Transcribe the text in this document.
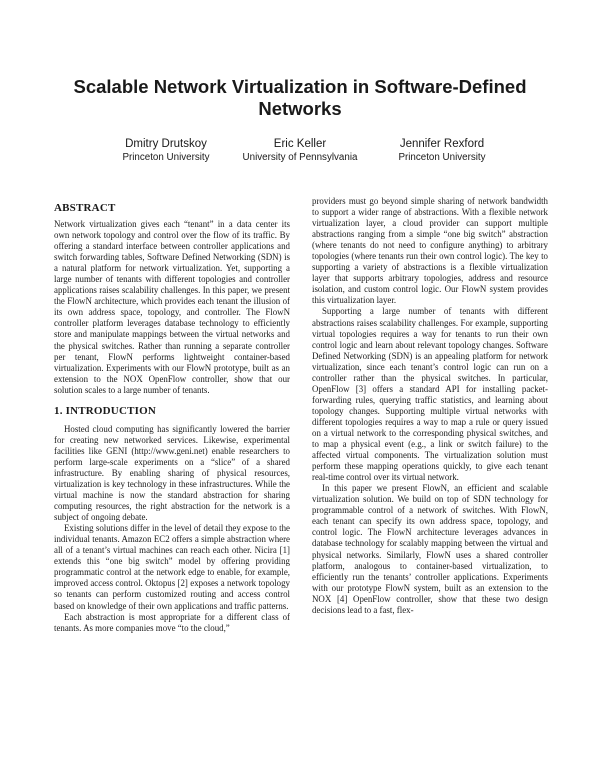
Scalable Network Virtualization in Software-Defined Networks
Dmitry Drutskoy
Princeton University
Eric Keller
University of Pennsylvania
Jennifer Rexford
Princeton University
ABSTRACT

Network virtualization gives each “tenant” in a data center its own network topology and control over the flow of its traffic. By offering a standard interface between controller applications and switch forwarding tables, Software Defined Networking (SDN) is a natural platform for network virtualization. Yet, supporting a large number of tenants with different topologies and controller applications raises scalability challenges. In this paper, we present the FlowN architecture, which provides each tenant the illusion of its own address space, topology, and controller. The FlowN controller platform leverages database technology to efficiently store and manipulate mappings between the virtual networks and the physical switches. Rather than running a separate controller per tenant, FlowN performs lightweight container-based virtualization. Experiments with our FlowN prototype, built as an extension to the NOX OpenFlow controller, show that our solution scales to a large number of tenants.

1. INTRODUCTION

Hosted cloud computing has significantly lowered the barrier for creating new networked services. Likewise, experimental facilities like GENI (http://www.geni.net) enable researchers to perform large-scale experiments on a “slice” of a shared infrastructure. By enabling sharing of physical resources, virtualization is key technology in these infrastructures. While the virtual machine is now the standard abstraction for sharing computing resources, the right abstraction for the network is a subject of ongoing debate.

Existing solutions differ in the level of detail they expose to the individual tenants. Amazon EC2 offers a simple abstraction where all of a tenant’s virtual machines can reach each other. Nicira [1] extends this “one big switch” model by offering providing programmatic control at the network edge to enable, for example, improved access control. Oktopus [2] exposes a network topology so tenants can perform customized routing and access control based on knowledge of their own applications and traffic patterns.

Each abstraction is most appropriate for a different class of tenants. As more companies move “to the cloud,”

providers must go beyond simple sharing of network bandwidth to support a wider range of abstractions. With a flexible network virtualization layer, a cloud provider can support multiple abstractions ranging from a simple “one big switch” abstraction (where tenants do not need to configure anything) to arbitrary topologies (where tenants run their own control logic). The key to supporting a variety of abstractions is a flexible virtualization layer that supports arbitrary topologies, address and resource isolation, and custom control logic. Our FlowN system provides this virtualization layer.

Supporting a large number of tenants with different abstractions raises scalability challenges. For example, supporting virtual topologies requires a way for tenants to run their own control logic and learn about relevant topology changes. Software Defined Networking (SDN) is an appealing platform for network virtualization, since each tenant’s control logic can run on a controller rather than the physical switches. In particular, OpenFlow [3] offers a standard API for installing packet-forwarding rules, querying traffic statistics, and learning about topology changes. Supporting multiple virtual networks with different topologies requires a way to map a rule or query issued on a virtual network to the corresponding physical switches, and to map a physical event (e.g., a link or switch failure) to the affected virtual components. The virtualization solution must perform these mapping operations quickly, to give each tenant real-time control over its virtual network.

In this paper we present FlowN, an efficient and scalable virtualization solution. We build on top of SDN technology for programmable control of a network of switches. With FlowN, each tenant can specify its own address space, topology, and control logic. The FlowN architecture leverages advances in database technology for scalably mapping between the virtual and physical networks. Similarly, FlowN uses a shared controller platform, analogous to container-based virtualization, to efficiently run the tenants’ controller applications. Experiments with our prototype FlowN system, built as an extension to the NOX [4] OpenFlow controller, show that these two design decisions lead to a fast, flex-
